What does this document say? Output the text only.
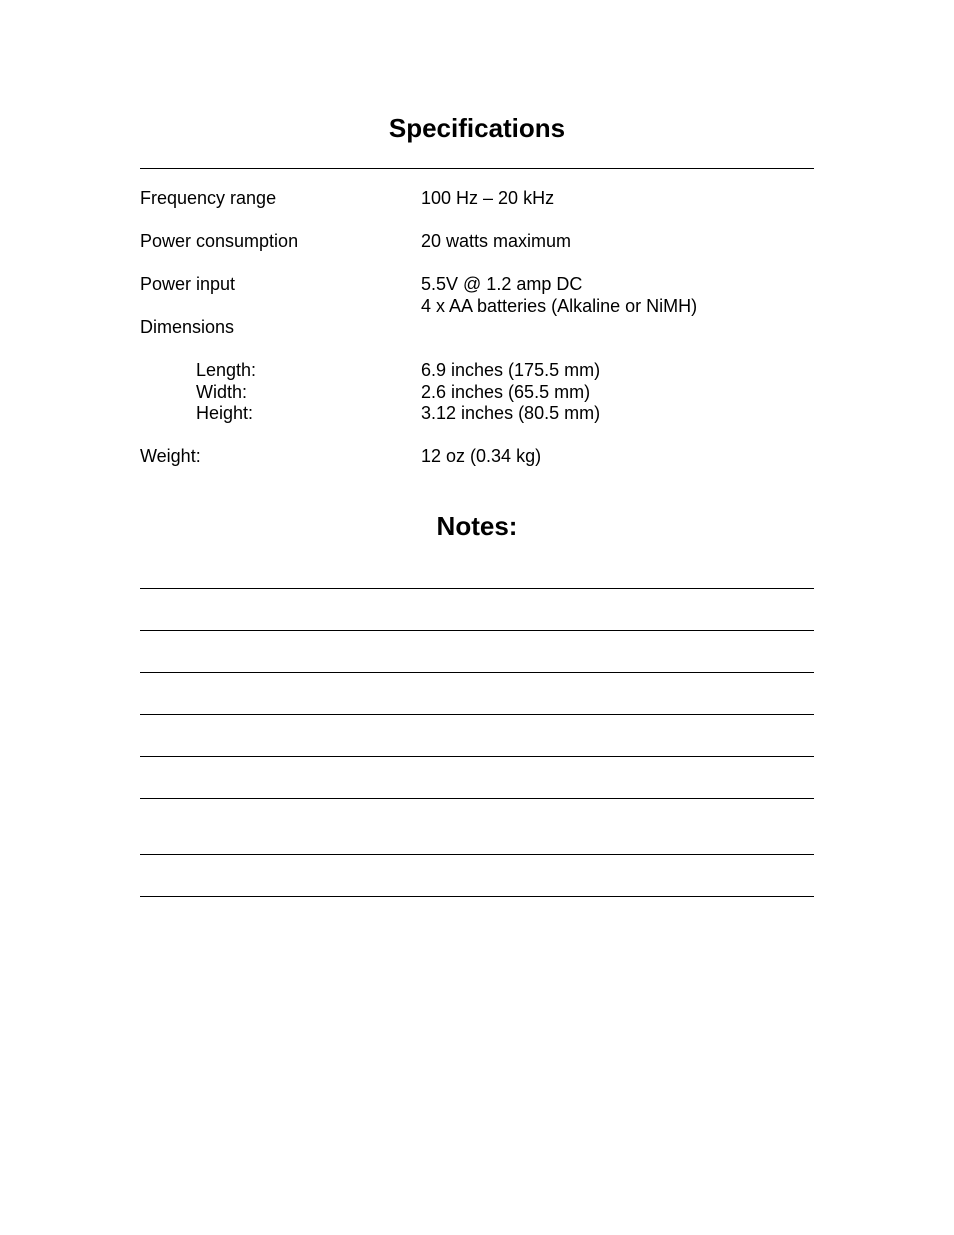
Specifications
Frequency range	100 Hz – 20 kHz
Power consumption	20 watts maximum
Power input	5.5V @ 1.2 amp DC
4 x AA batteries (Alkaline or NiMH)
Dimensions
Length:	6.9 inches (175.5 mm)
Width:	2.6 inches (65.5 mm)
Height:	3.12 inches (80.5 mm)
Weight:	12 oz (0.34 kg)
Notes:
